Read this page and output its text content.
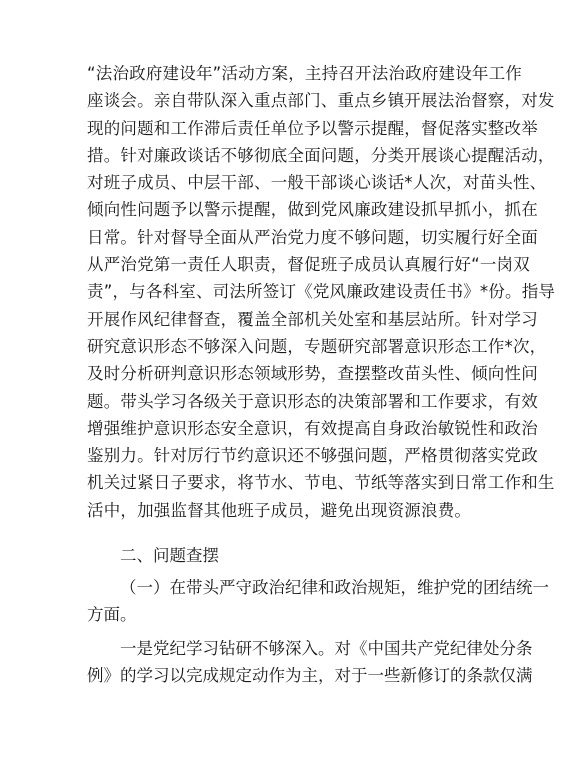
“法治政府建设年”活动方案，主持召开法治政府建设年工作
座谈会。亲自带队深入重点部门、重点乡镇开展法治督察，对发
现的问题和工作滞后责任单位予以警示提醒，督促落实整改举
措。针对廉政谈话不够彻底全面问题，分类开展谈心提醒活动，
对班子成员、中层干部、一般干部谈心谈话*人次，对苗头性、
倾向性问题予以警示提醒，做到党风廉政建设抓早抓小，抓在
日常。针对督导全面从严治党力度不够问题，切实履行好全面
从严治党第一责任人职责，督促班子成员认真履行好“一岗双
责”，与各科室、司法所签订《党风廉政建设责任书》*份。指导
开展作风纪律督查，覆盖全部机关处室和基层站所。针对学习
研究意识形态不够深入问题，专题研究部署意识形态工作*次，
及时分析研判意识形态领域形势，查摆整改苗头性、倾向性问
题。带头学习各级关于意识形态的决策部署和工作要求，有效
增强维护意识形态安全意识，有效提高自身政治敏锐性和政治
鉴别力。针对厉行节约意识还不够强问题，严格贯彻落实党政
机关过紧日子要求，将节水、节电、节纸等落实到日常工作和生
活中，加强监督其他班子成员，避免出现资源浪费。
二、问题查摆
（一）在带头严守政治纪律和政治规矩，维护党的团结统一
方面。
一是党纪学习钻研不够深入。对《中国共产党纪律处分条
例》的学习以完成规定动作为主，对于一些新修订的条款仅满
